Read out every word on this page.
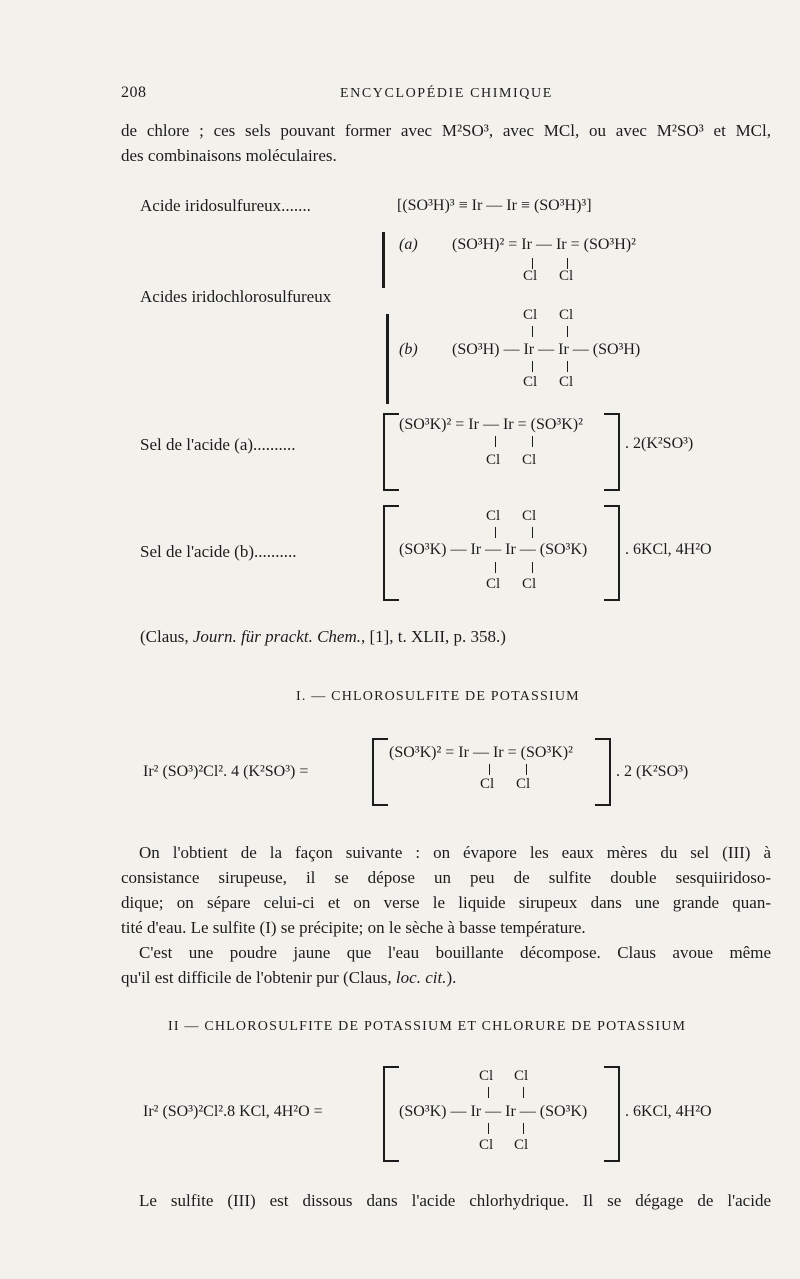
208	ENCYCLOPÉDIE CHIMIQUE
de chlore ; ces sels pouvant former avec M²SO³, avec MCl, ou avec M²SO³ et MCl,
des combinaisons moléculaires.
Acide iridosulfureux.......	[(SO³H)³ ≡ Ir — Ir ≡ (SO³H)³]
Acides iridochlorosulfureux
(a) (SO³H)² = Ir — Ir = (SO³H)²
Cl Cl
Cl Cl
(b) (SO³H) — Ir — Ir — (SO³H)
Cl Cl
Sel de l'acide (a)..........
(SO³K)² = Ir — Ir = (SO³K)²
Cl Cl
. 2(K²SO³)
Sel de l'acide (b)..........
Cl Cl
(SO³K) — Ir — Ir — (SO³K)
Cl Cl
. 6KCl, 4H²O
(Claus, Journ. für prackt. Chem., [1], t. XLII, p. 358.)
I. — CHLOROSULFITE DE POTASSIUM
Ir² (SO³)²Cl². 4 (K²SO³) =
(SO³K)² = Ir — Ir = (SO³K)²
Cl Cl
. 2 (K²SO³)
On l'obtient de la façon suivante : on évapore les eaux mères du sel (III) à
consistance sirupeuse, il se dépose un peu de sulfite double sesquiiridoso-
dique; on sépare celui-ci et on verse le liquide sirupeux dans une grande quan-
tité d'eau. Le sulfite (I) se précipite; on le sèche à basse température.
C'est une poudre jaune que l'eau bouillante décompose. Claus avoue même
qu'il est difficile de l'obtenir pur (Claus, loc. cit.).
II — CHLOROSULFITE DE POTASSIUM ET CHLORURE DE POTASSIUM
Ir² (SO³)²Cl².8 KCl, 4H²O =
Cl Cl
(SO³K) — Ir — Ir — (SO³K)
Cl Cl
. 6KCl, 4H²O
Le sulfite (III) est dissous dans l'acide chlorhydrique. Il se dégage de l'acide
